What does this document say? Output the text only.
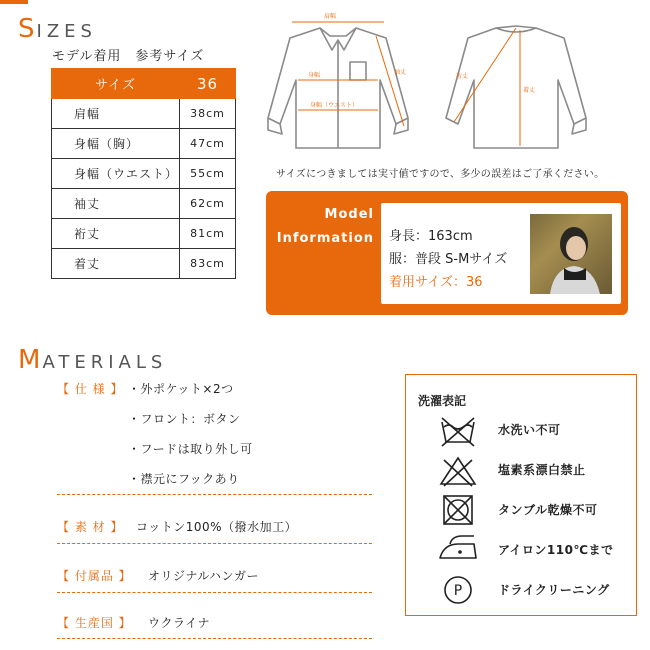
SIZES
モデル着用　参考サイズ
サイズ	36
肩幅	38cm
身幅（胸）	47cm
身幅（ウエスト）	55cm
袖丈	62cm
裄丈	81cm
着丈	83cm
肩幅
身幅
身幅（ウエスト）
袖丈
裄丈
着丈
サイズにつきましては実寸値ですので、多少の誤差はご了承ください。
Model
Information 身長：163cm
服：普段 S-Mサイズ
着用サイズ：36
MATERIALS
【 仕 様 】 ・外ポケット×2つ
・フロント：ボタン
・フードは取り外し可
・襟元にフックあり
【 素 材 】 コットン100%（撥水加工）
【 付属品 】 オリジナルハンガー
【 生産国 】 ウクライナ
洗濯表記
水洗い不可
塩素系漂白禁止
タンブル乾燥不可
アイロン110℃まで
P	ドライクリーニング
